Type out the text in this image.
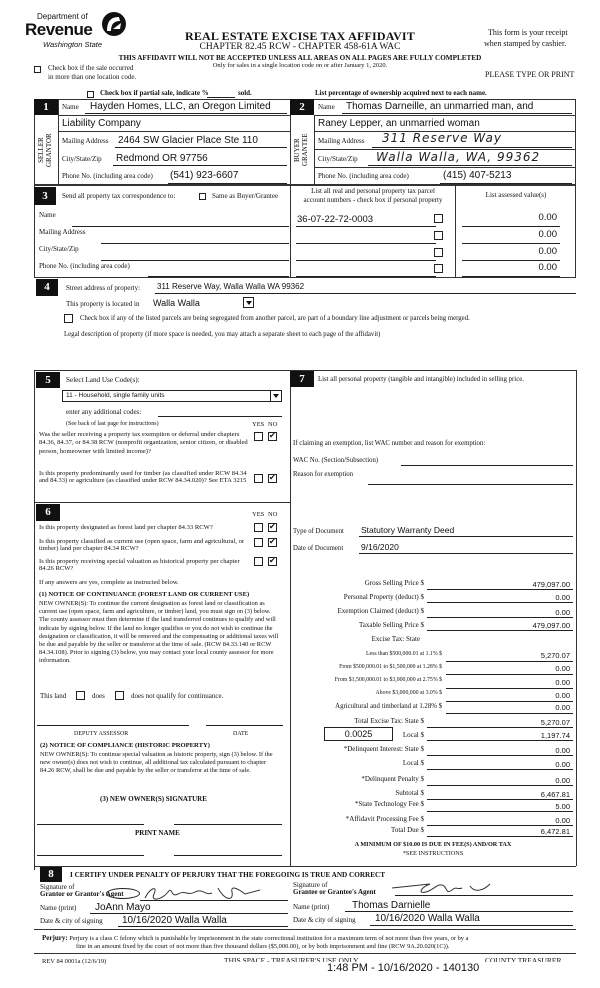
Department of
Revenue
Washington State
REAL ESTATE EXCISE TAX AFFIDAVIT
CHAPTER 82.45 RCW - CHAPTER 458-61A WAC
This form is your receipt
when stamped by cashier.
THIS AFFIDAVIT WILL NOT BE ACCEPTED UNLESS ALL AREAS ON ALL PAGES ARE FULLY COMPLETED
Only for sales in a single location code on or after January 1, 2020.
Check box if the sale occurred
in more than one location code.	PLEASE TYPE OR PRINT
Check box if partial sale, indicate %	sold.	List percentage of ownership acquired next to each name.
1
SELLER
GRANTOR
Name Hayden Homes, LLC, an Oregon Limited
Liability Company
Mailing Address 2464 SW Glacier Place Ste 110
City/State/Zip Redmond OR 97756
Phone No. (including area code) (541) 923-6607
2
BUYER
GRANTEE
Name Thomas Darneille, an unmarried man, and
Raney Lepper, an unmarried woman
Mailing Address 311 Reserve Way
City/State/Zip Walla Walla, WA, 99362
Phone No. (including area code)	(415) 407-5213
3	Send all property tax correspondence to:	Same as Buyer/Grantee
List all real and personal property tax parcel
account numbers - check box if personal property
List assessed value(s)
Name
Mailing Address
City/State/Zip
Phone No. (including area code)
36-07-22-72-0003	0.00
0.00
0.00
0.00
4	Street address of property: 311 Reserve Way, Walla Walla WA 99362
This property is located in Walla Walla
Check box if any of the listed parcels are being segregated from another parcel, are part of a boundary line adjustment or parcels being merged.
Legal description of property (if more space is needed, you may attach a separate sheet to each page of the affidavit)
5	Select Land Use Code(s):
11 - Household, single family units
enter any additional codes:
(See back of last page for instructions)	YES NO
Was the seller receiving a property tax exemption or deferral under chapters 84.36, 84.37, or 84.38 RCW (nonprofit organization, senior citizen, or disabled person, homeowner with limited income)?
✔
Is this property predominantly used for timber (as classified under RCW 84.34 and 84.33) or agriculture (as classified under RCW 84.34.020)? See ETA 3215
✔
6	YES NO
Is this property designated as forest land per chapter 84.33 RCW?
✔
Is this property classified as current use (open space, farm and agricultural, or timber) land per chapter 84.34 RCW?
✔
Is this property receiving special valuation as historical property per chapter 84.26 RCW?
✔
If any answers are yes, complete as instructed below.
(1) NOTICE OF CONTINUANCE (FOREST LAND OR CURRENT USE)
NEW OWNER(S): To continue the current designation as forest land or classification as current use (open space, farm and agriculture, or timber) land, you must sign on (3) below. The county assessor must then determine if the land transferred continues to qualify and will indicate by signing below. If the land no longer qualifies or you do not wish to continue the designation or classification, it will be removed and the compensating or additional taxes will be due and payable by the seller or transferor at the time of sale. (RCW 84.33.140 or RCW 84.34.108). Prior to signing (3) below, you may contact your local county assessor for more information.
This land	does	does not qualify for continuance.
DEPUTY ASSESSOR	DATE
(2) NOTICE OF COMPLIANCE (HISTORIC PROPERTY)
NEW OWNER(S): To continue special valuation as historic property, sign (3) below. If the new owner(s) does not wish to continue, all additional tax calculated pursuant to chapter 84.26 RCW, shall be due and payable by the seller or transferor at the time of sale.
(3) NEW OWNER(S) SIGNATURE
PRINT NAME
7	List all personal property (tangible and intangible) included in selling price.
If claiming an exemption, list WAC number and reason for exemption:
WAC No. (Section/Subsection)
Reason for exemption
Type of Document Statutory Warranty Deed
Date of Document 9/16/2020
Gross Selling Price $	479,097.00
Personal Property (deduct) $	0.00
Exemption Claimed (deduct) $	0.00
Taxable Selling Price $	479,097.00
Excise Tax: State
Less than $500,000.01 at 1.1% $	5,270.07
From $500,000.01 to $1,500,000 at 1.28% $	0.00
From $1,500,000.01 to $3,000,000 at 2.75% $	0.00
Above $3,000,000 at 3.0% $	0.00
Agricultural and timberland at 1.28% $	0.00
Total Excise Tax: State $	5,270.07
0.0025	Local $	1,197.74
*Delinquent Interest: State $	0.00
Local $	0.00
*Delinquent Penalty $	0.00
Subtotal $	6,467.81
*State Technology Fee $	5.00
*Affidavit Processing Fee $	0.00
Total Due $	6,472.81
A MINIMUM OF $10.00 IS DUE IN FEE(S) AND/OR TAX
*SEE INSTRUCTIONS
8	I CERTIFY UNDER PENALTY OF PERJURY THAT THE FOREGOING IS TRUE AND CORRECT
Signature of
Grantor or Grantor's Agent
Name (print) JoAnn Mayo
Date & city of signing 10/16/2020 Walla Walla
Signature of
Grantee or Grantee's Agent
Name (print) Thomas Darnielle
Date & city of signing 10/16/2020 Walla Walla
Perjury: Perjury is a class C felony which is punishable by imprisonment in the state correctional institution for a maximum term of not more than five years, or by a
fine in an amount fixed by the court of not more than five thousand dollars ($5,000.00), or by both imprisonment and fine (RCW 9A.20.020(1C)).
REV 84 0001a (12/6/19)	THIS SPACE - TREASURER'S USE ONLY	COUNTY TREASURER
1:48 PM - 10/16/2020 - 140130
